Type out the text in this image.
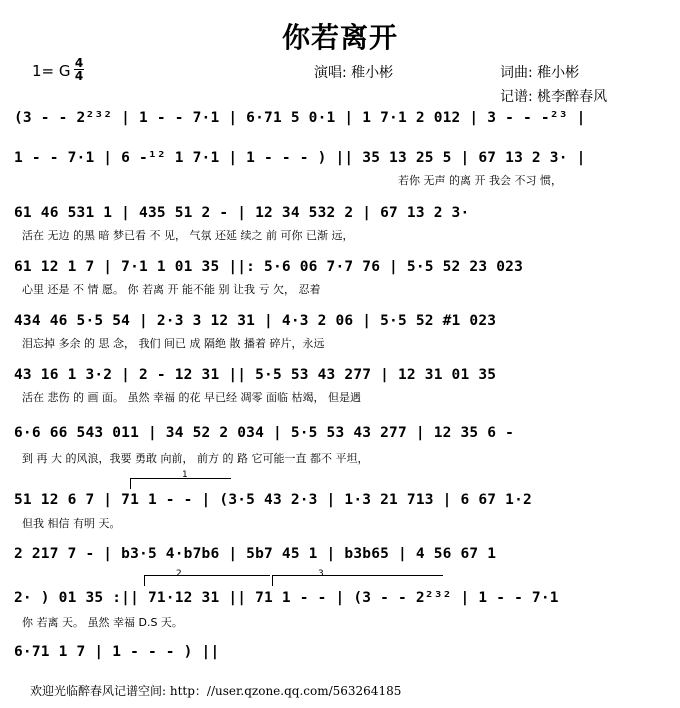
你若离开
1= G 4
4	演唱: 稚小彬	词曲: 稚小彬
记谱: 桃李醉春风
(3 - - 2²³² | 1 - - 7·1 | 6·71 5 0·1 | 1 7·1 2 012 | 3 - - -²³ |
1 - - 7·1 | 6 -¹² 1 7·1 | 1 - - - ) || 35 13 25 5 | 67 13 2 3· |
若你 无声 的离 开 我会 不习 惯，
61 46 531 1 | 435 51 2 - | 12 34 532 2 | 67 13 2 3·
活在 无边 的黑 暗 梦已看 不 见， 气氛 还延 续之 前 可你 已渐 远，
61 12 1 7 | 7·1 1 01 35 ||: 5·6 06 7·7 76 | 5·5 52 23 023
心里 还是 不 情 愿。 你 若离 开 能不能 别 让我 亏 欠， 忍着
434 46 5·5 54 | 2·3 3 12 31 | 4·3 2 06 | 5·5 52 #1 023
泪忘掉 多余 的 思 念， 我们 间已 成 隔绝 散 播着 碎片，永远
43 16 1 3·2 | 2 - 12 31 || 5·5 53 43 277 | 12 31 01 35
活在 悲伤 的 画 面。 虽然 幸福 的花 早已经 凋零 面临 枯竭， 但是遇
6·6 66 543 011 | 34 52 2 034 | 5·5 53 43 277 | 12 35 6 -
到 再 大 的风浪，我要 勇敢 向前， 前方 的 路 它可能一直 都不 平坦，
1
51 12 6 7 | 71 1 - - | (3·5 43 2·3 | 1·3 21 713 | 6 67 1·2
但我 相信 有明 天。
2 217 7 - | b3·5 4·b7b6 | 5b7 45 1 | b3b65 | 4 56 67 1
2	3
2· ) 01 35 :|| 71·12 31 || 71 1 - - | (3 - - 2²³² | 1 - - 7·1
你 若离 天。 虽然 幸福 D.S 天。
6·71 1 7 | 1 - - - ) ||
欢迎光临醉春风记谱空间: http：//user.qzone.qq.com/563264185
